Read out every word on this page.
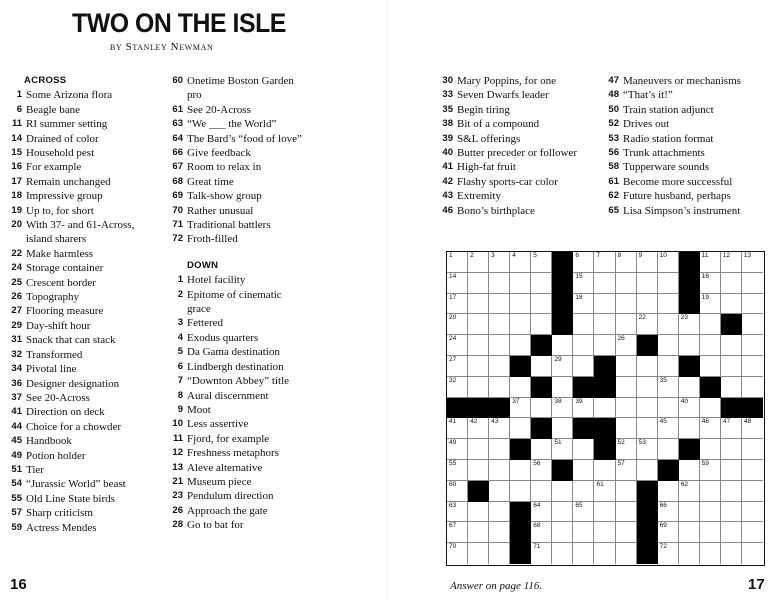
TWO ON THE ISLE
by Stanley Newman
ACROSS
1 Some Arizona flora
6 Beagle bane
11 RI summer setting
14 Drained of color
15 Household pest
16 For example
17 Remain unchanged
18 Impressive group
19 Up to, for short
20 With 37- and 61-Across,
island sharers
22 Make harmless
24 Storage container
25 Crescent border
26 Topography
27 Flooring measure
29 Day-shift hour
31 Snack that can stack
32 Transformed
34 Pivotal line
36 Designer designation
37 See 20-Across
41 Direction on deck
44 Choice for a chowder
45 Handbook
49 Potion holder
51 Tier
54 “Jurassic World” beast
55 Old Line State birds
57 Sharp criticism
59 Actress Mendes
60 Onetime Boston Garden
pro
61 See 20-Across
63 “We ___ the World”
64 The Bard’s “food of love”
66 Give feedback
67 Room to relax in
68 Great time
69 Talk-show group
70 Rather unusual
71 Traditional battlers
72 Froth-filled
DOWN
1 Hotel facility
2 Epitome of cinematic
grace
3 Fettered
4 Exodus quarters
5 Da Gama destination
6 Lindbergh destination
7 “Downton Abbey” title
8 Aural discernment
9 Moot
10 Less assertive
11 Fjord, for example
12 Freshness metaphors
13 Aleve alternative
21 Museum piece
23 Pendulum direction
26 Approach the gate
28 Go to bat for
30 Mary Poppins, for one
33 Seven Dwarfs leader
35 Begin tiring
38 Bit of a compound
39 S&L offerings
40 Butter preceder or follower
41 High-fat fruit
42 Flashy sports-car color
43 Extremity
46 Bono’s birthplace
47 Maneuvers or mechanisms
48 “That’s it!”
50 Train station adjunct
52 Drives out
53 Radio station format
56 Trunk attachments
58 Tupperware sounds
61 Become more successful
62 Future husband, perhaps
65 Lisa Simpson’s instrument
1	2	3	4	5	6	7	8	9	10	11 12 13
14	15	16
17	18	19
20	22	23
24	26
27	29
32	35
37	38 39	40
41 42 43	45	46 47 48
49	51	52 53
55	56	57	59
60	61	62
63	64	65	66
67	68	69
70	71	72
16	Answer on page 116.	17
